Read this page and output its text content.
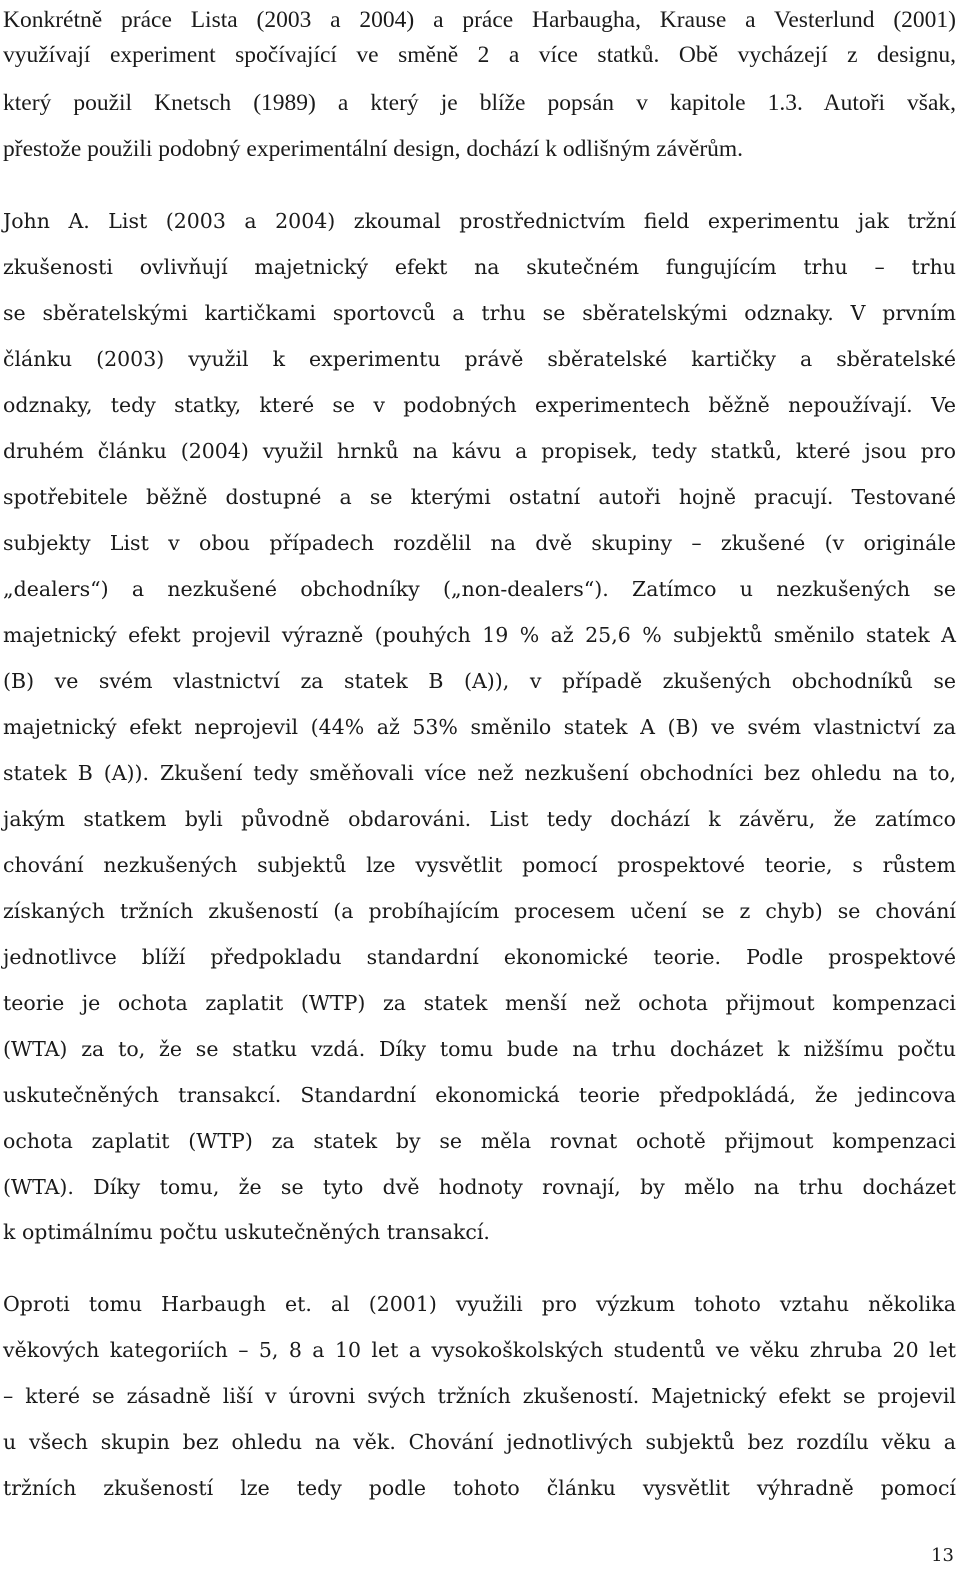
Konkrétně práce Lista (2003 a 2004) a práce Harbaugha, Krause a Vesterlund (2001)
využívají experiment spočívající ve směně 2 a více statků. Obě vycházejí z designu,
který použil Knetsch (1989) a který je blíže popsán v kapitole 1.3. Autoři však,
přestože použili podobný experimentální design, dochází k odlišným závěrům.
John A. List (2003 a 2004) zkoumal prostřednictvím field experimentu jak tržní
zkušenosti ovlivňují majetnický efekt na skutečném fungujícím trhu – trhu
se sběratelskými kartičkami sportovců a trhu se sběratelskými odznaky. V prvním
článku (2003) využil k experimentu právě sběratelské kartičky a sběratelské
odznaky, tedy statky, které se v podobných experimentech běžně nepoužívají. Ve
druhém článku (2004) využil hrnků na kávu a propisek, tedy statků, které jsou pro
spotřebitele běžně dostupné a se kterými ostatní autoři hojně pracují. Testované
subjekty List v obou případech rozdělil na dvě skupiny – zkušené (v originále
„dealers“) a nezkušené obchodníky („non-dealers“). Zatímco u nezkušených se
majetnický efekt projevil výrazně (pouhých 19 % až 25,6 % subjektů směnilo statek A
(B) ve svém vlastnictví za statek B (A)), v případě zkušených obchodníků se
majetnický efekt neprojevil (44% až 53% směnilo statek A (B) ve svém vlastnictví za
statek B (A)). Zkušení tedy směňovali více než nezkušení obchodníci bez ohledu na to,
jakým statkem byli původně obdarováni. List tedy dochází k závěru, že zatímco
chování nezkušených subjektů lze vysvětlit pomocí prospektové teorie, s růstem
získaných tržních zkušeností (a probíhajícím procesem učení se z chyb) se chování
jednotlivce blíží předpokladu standardní ekonomické teorie. Podle prospektové
teorie je ochota zaplatit (WTP) za statek menší než ochota přijmout kompenzaci
(WTA) za to, že se statku vzdá. Díky tomu bude na trhu docházet k nižšímu počtu
uskutečněných transakcí. Standardní ekonomická teorie předpokládá, že jedincova
ochota zaplatit (WTP) za statek by se měla rovnat ochotě přijmout kompenzaci
(WTA). Díky tomu, že se tyto dvě hodnoty rovnají, by mělo na trhu docházet
k optimálnímu počtu uskutečněných transakcí.
Oproti tomu Harbaugh et. al (2001) využili pro výzkum tohoto vztahu několika
věkových kategoriích – 5, 8 a 10 let a vysokoškolských studentů ve věku zhruba 20 let
– které se zásadně liší v úrovni svých tržních zkušeností. Majetnický efekt se projevil
u všech skupin bez ohledu na věk. Chování jednotlivých subjektů bez rozdílu věku a
tržních zkušeností lze tedy podle tohoto článku vysvětlit výhradně pomocí
13
